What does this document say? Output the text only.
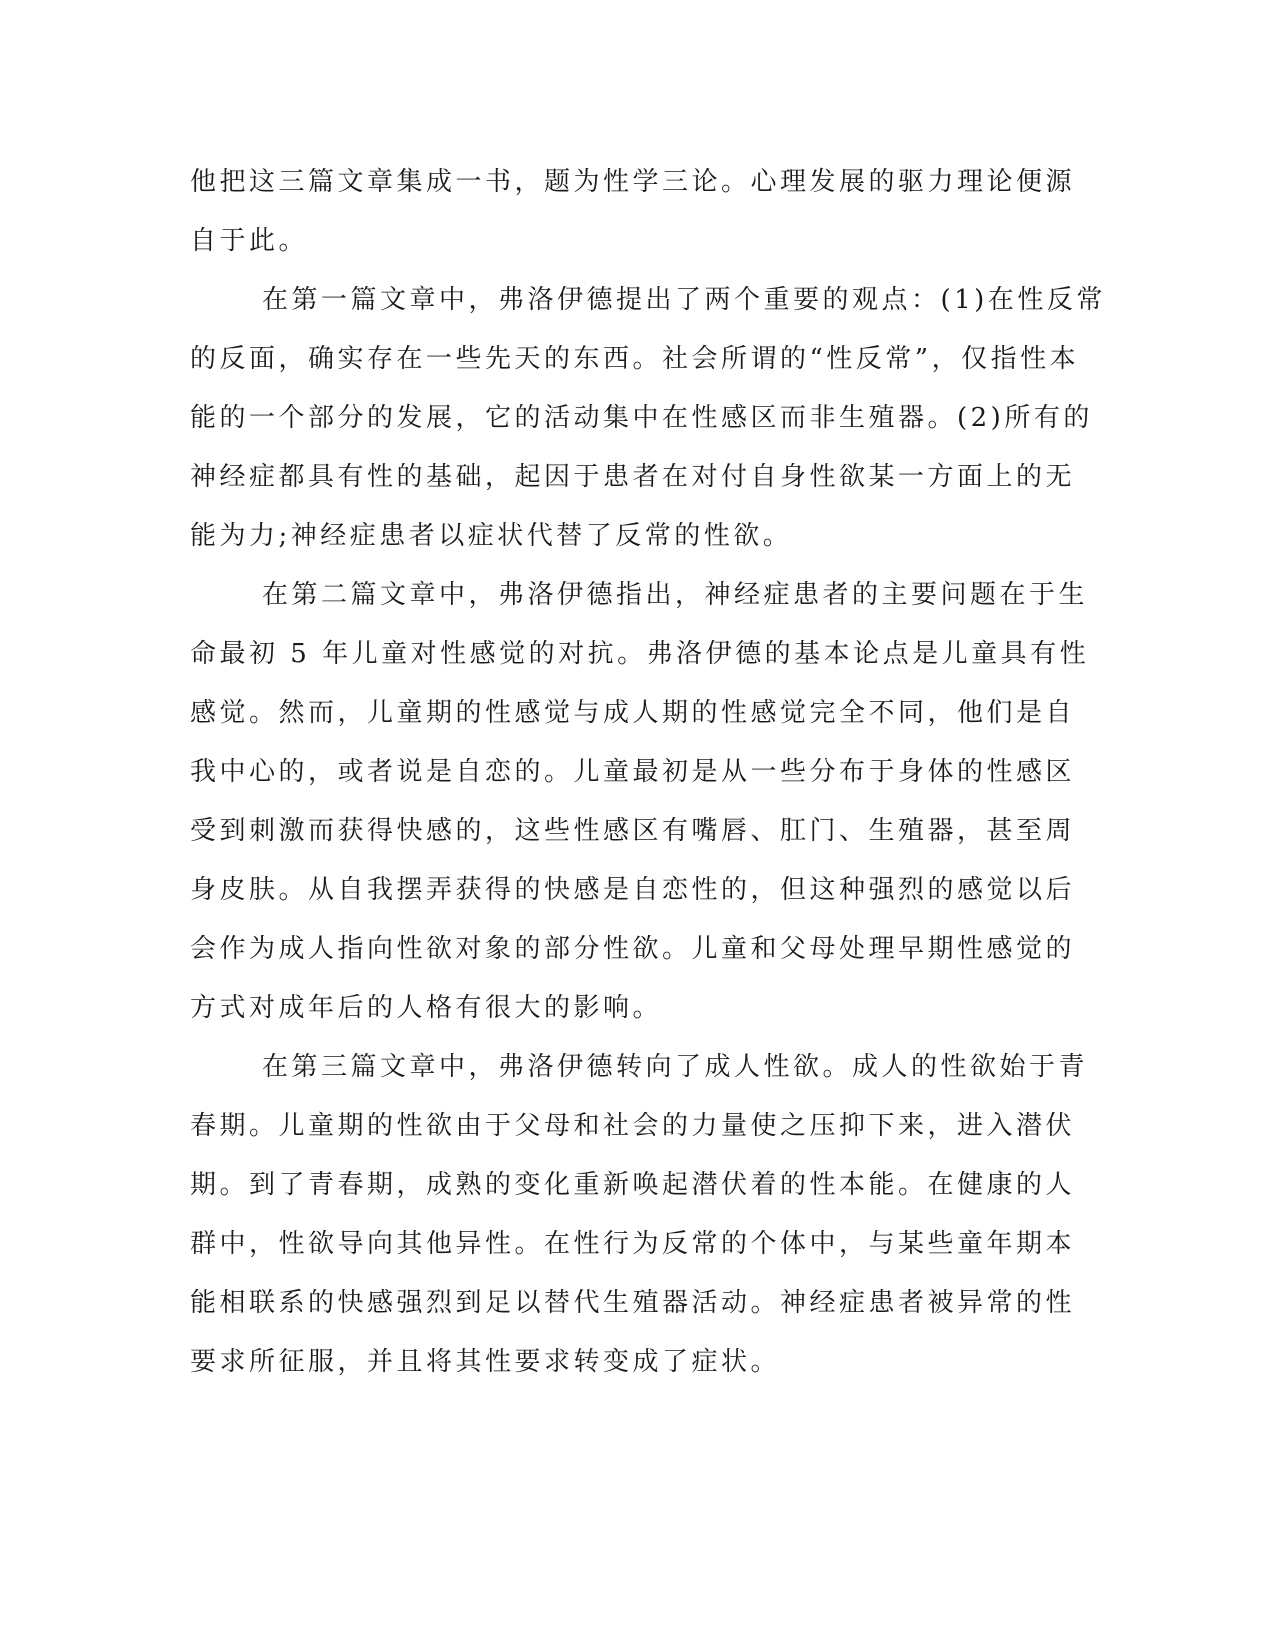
他把这三篇文章集成一书，题为性学三论。心理发展的驱力理论便源
自于此。
在第一篇文章中，弗洛伊德提出了两个重要的观点：(1)在性反常
的反面，确实存在一些先天的东西。社会所谓的“性反常”，仅指性本
能的一个部分的发展，它的活动集中在性感区而非生殖器。(2)所有的
神经症都具有性的基础，起因于患者在对付自身性欲某一方面上的无
能为力;神经症患者以症状代替了反常的性欲。
在第二篇文章中，弗洛伊德指出，神经症患者的主要问题在于生
命最初 5 年儿童对性感觉的对抗。弗洛伊德的基本论点是儿童具有性
感觉。然而，儿童期的性感觉与成人期的性感觉完全不同，他们是自
我中心的，或者说是自恋的。儿童最初是从一些分布于身体的性感区
受到刺激而获得快感的，这些性感区有嘴唇、肛门、生殖器，甚至周
身皮肤。从自我摆弄获得的快感是自恋性的，但这种强烈的感觉以后
会作为成人指向性欲对象的部分性欲。儿童和父母处理早期性感觉的
方式对成年后的人格有很大的影响。
在第三篇文章中，弗洛伊德转向了成人性欲。成人的性欲始于青
春期。儿童期的性欲由于父母和社会的力量使之压抑下来，进入潜伏
期。到了青春期，成熟的变化重新唤起潜伏着的性本能。在健康的人
群中，性欲导向其他异性。在性行为反常的个体中，与某些童年期本
能相联系的快感强烈到足以替代生殖器活动。神经症患者被异常的性
要求所征服，并且将其性要求转变成了症状。
